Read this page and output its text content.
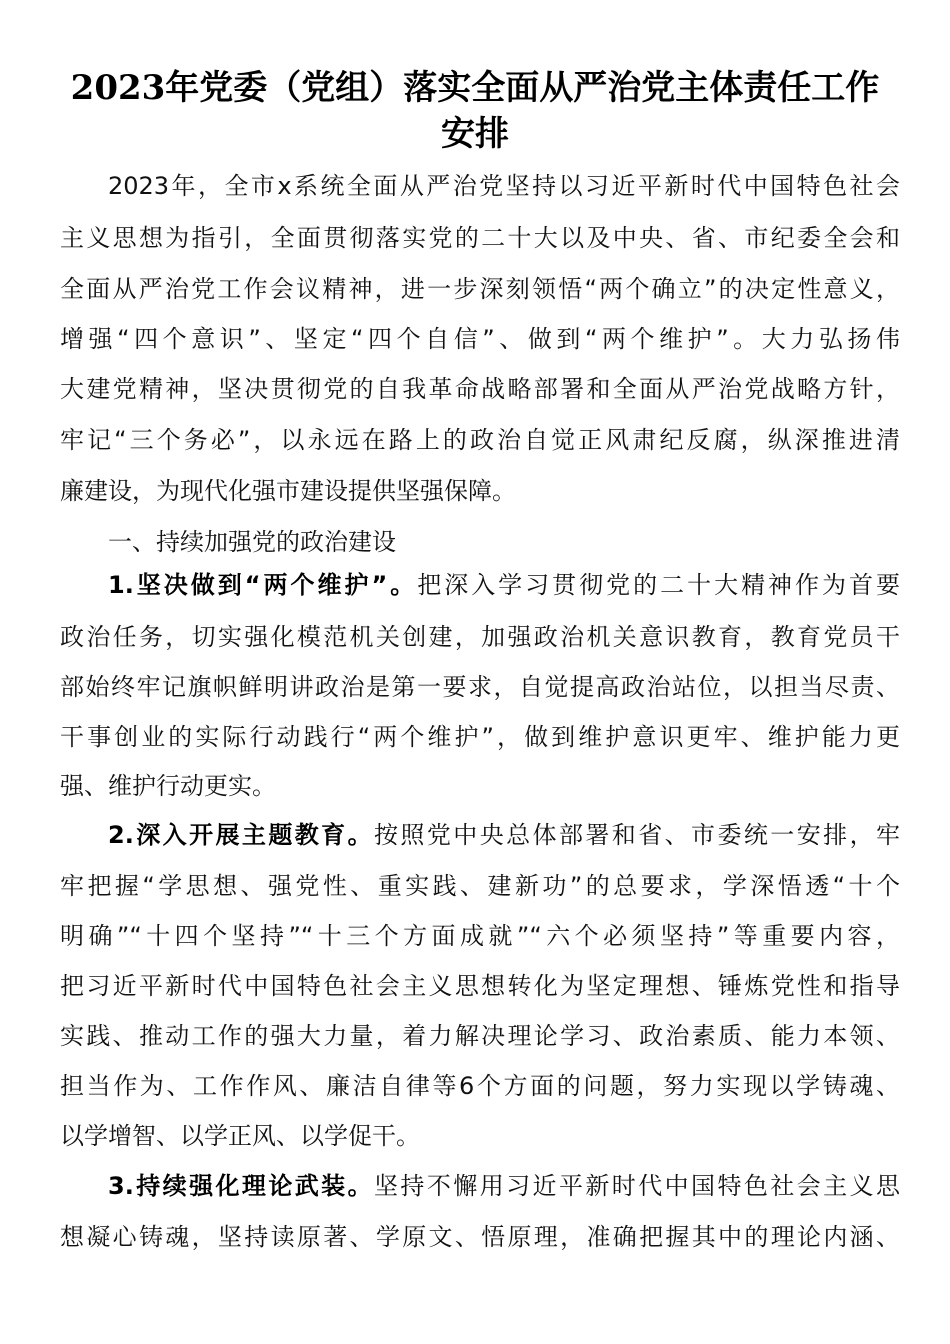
2023年党委（党组）落实全面从严治党主体责任工作
安排
2023年，全市x系统全面从严治党坚持以习近平新时代中国特色社会
主义思想为指引，全面贯彻落实党的二十大以及中央、省、市纪委全会和
全面从严治党工作会议精神，进一步深刻领悟“两个确立”的决定性意义，
增强“四个意识”、坚定“四个自信”、做到“两个维护”。大力弘扬伟
大建党精神，坚决贯彻党的自我革命战略部署和全面从严治党战略方针，
牢记“三个务必”，以永远在路上的政治自觉正风肃纪反腐，纵深推进清
廉建设，为现代化强市建设提供坚强保障。
一、持续加强党的政治建设
1.坚决做到“两个维护”。把深入学习贯彻党的二十大精神作为首要
政治任务，切实强化模范机关创建，加强政治机关意识教育，教育党员干
部始终牢记旗帜鲜明讲政治是第一要求，自觉提高政治站位，以担当尽责、
干事创业的实际行动践行“两个维护”，做到维护意识更牢、维护能力更
强、维护行动更实。
2.深入开展主题教育。按照党中央总体部署和省、市委统一安排，牢
牢把握“学思想、强党性、重实践、建新功”的总要求，学深悟透“十个
明确”“十四个坚持”“十三个方面成就”“六个必须坚持”等重要内容，
把习近平新时代中国特色社会主义思想转化为坚定理想、锤炼党性和指导
实践、推动工作的强大力量，着力解决理论学习、政治素质、能力本领、
担当作为、工作作风、廉洁自律等6个方面的问题，努力实现以学铸魂、
以学增智、以学正风、以学促干。
3.持续强化理论武装。坚持不懈用习近平新时代中国特色社会主义思
想凝心铸魂，坚持读原著、学原文、悟原理，准确把握其中的理论内涵、
